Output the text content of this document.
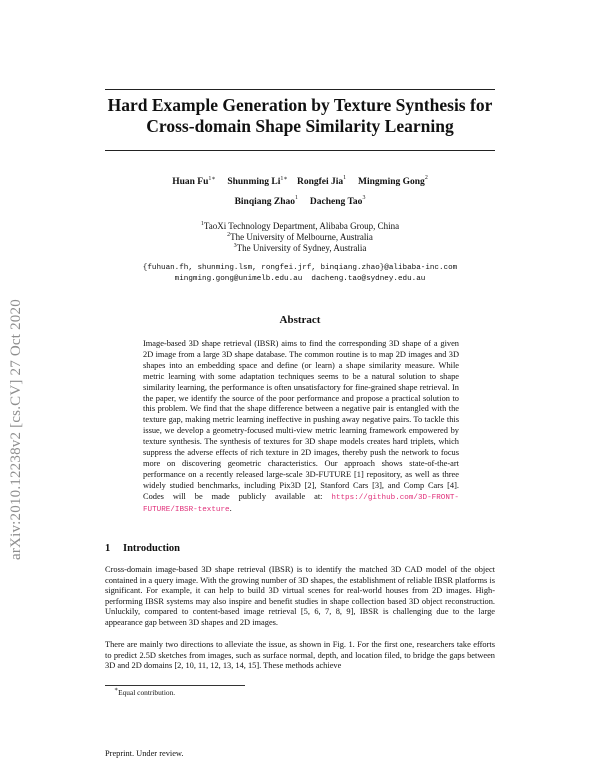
arXiv:2010.12238v2 [cs.CV] 27 Oct 2020
Hard Example Generation by Texture Synthesis for
Cross-domain Shape Similarity Learning
Huan $Fu^{1∗}$ Shunming $Li^{1∗}$ Rongfei Jia$^1$ Mingming Gong$^2$
Binqiang Zhao$^1$ Dacheng Tao$^3$
$^1$TaoXi Technology Department, Alibaba Group, China
$^2$The University of Melbourne, Australia
$^3$The University of Sydney, Australia
{fuhuan.fh, shunming.lsm, rongfei.jrf, binqiang.zhao}@alibaba-inc.com
mingming.gong@unimelb.edu.au  dacheng.tao@sydney.edu.au
Abstract
Image-based 3D shape retrieval (IBSR) aims to find the corresponding 3D shape of a given 2D image from a large 3D shape database. The common routine is to map 2D images and 3D shapes into an embedding space and define (or learn) a shape similarity measure. While metric learning with some adaptation techniques seems to be a natural solution to shape similarity learning, the performance is often unsatisfactory for fine-grained shape retrieval. In the paper, we identify the source of the poor performance and propose a practical solution to this problem. We find that the shape difference between a negative pair is entangled with the texture gap, making metric learning ineffective in pushing away negative pairs. To tackle this issue, we develop a geometry-focused multi-view metric learning framework empowered by texture synthesis. The synthesis of textures for 3D shape models creates hard triplets, which suppress the adverse effects of rich texture in 2D images, thereby push the network to focus more on discovering geometric characteristics. Our approach shows state-of-the-art performance on a recently released large-scale 3D-FUTURE [1] repository, as well as three widely studied benchmarks, including Pix3D [2], Stanford Cars [3], and Comp Cars [4]. Codes will be made publicly available at: https://github.com/3D-FRONT-FUTURE/IBSR-texture.
1 Introduction
Cross-domain image-based 3D shape retrieval (IBSR) is to identify the matched 3D CAD model of the object contained in a query image. With the growing number of 3D shapes, the establishment of reliable IBSR platforms is significant. For example, it can help to build 3D virtual scenes for real-world houses from 2D images. High-performing IBSR systems may also inspire and benefit studies in shape collection based 3D object reconstruction. Unluckily, compared to content-based image retrieval [5, 6, 7, 8, 9], IBSR is challenging due to the large appearance gap between 3D shapes and 2D images.
There are mainly two directions to alleviate the issue, as shown in Fig. 1. For the first one, researchers take efforts to predict 2.5D sketches from images, such as surface normal, depth, and location filed, to bridge the gaps between 3D and 2D domains [2, 10, 11, 12, 13, 14, 15]. These methods achieve
∗Equal contribution.
Preprint. Under review.
